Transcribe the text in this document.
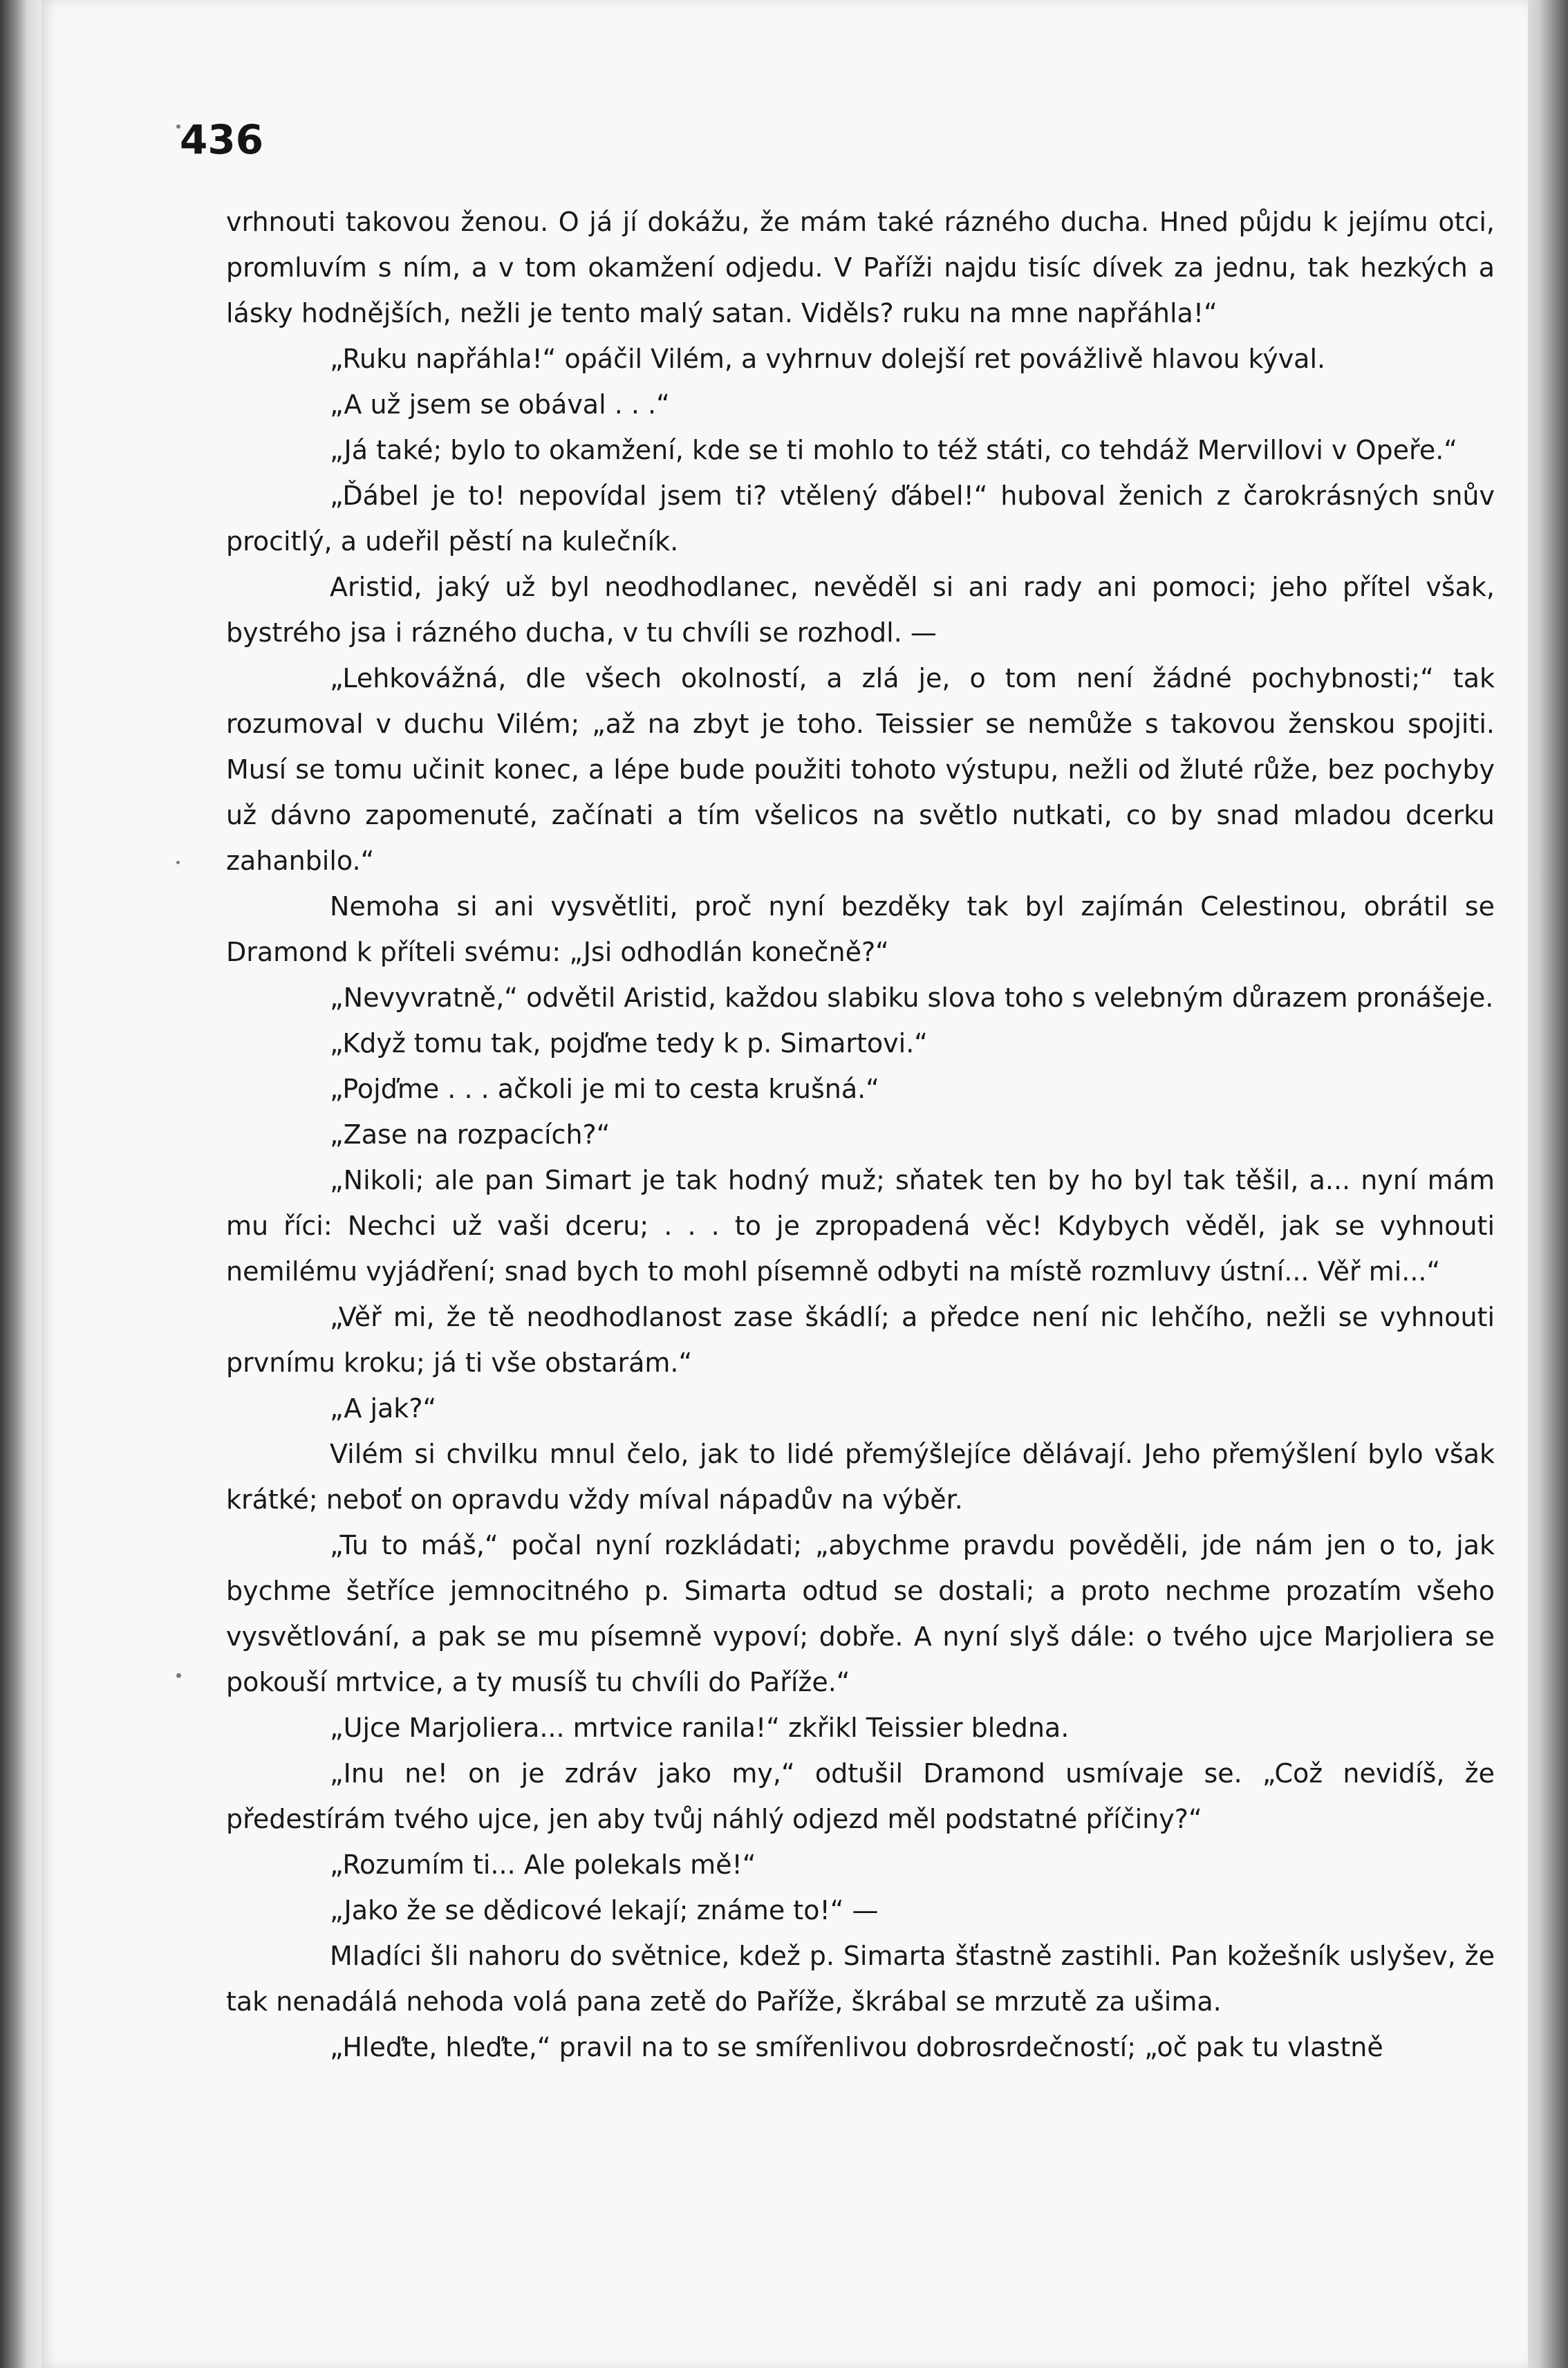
436

vrhnouti takovou ženou. O já jí dokážu, že mám také rázného ducha. Hned půjdu k jejímu otci, promluvím s ním, a v tom okamžení odjedu. V Paříži najdu tisíc dívek za jednu, tak hezkých a lásky hodnějších, nežli je tento malý satan. Viděls? ruku na mne napřáhla!“

„Ruku napřáhla!“ opáčil Vilém, a vyhrnuv dolejší ret povážlivě hlavou kýval.

„A už jsem se obával . . .“

„Já také; bylo to okamžení, kde se ti mohlo to též státi, co tehdáž Mervillovi v Opeře.“

„Ďábel je to! nepovídal jsem ti? vtělený ďábel!“ huboval ženich z čarokrásných snův procitlý, a udeřil pěstí na kulečník.

Aristid, jaký už byl neodhodlanec, nevěděl si ani rady ani pomoci; jeho přítel však, bystrého jsa i rázného ducha, v tu chvíli se rozhodl. —

„Lehkovážná, dle všech okolností, a zlá je, o tom není žádné pochybnosti;“ tak rozumoval v duchu Vilém; „až na zbyt je toho. Teissier se nemůže s takovou ženskou spojiti. Musí se tomu učinit konec, a lépe bude použiti tohoto výstupu, nežli od žluté růže, bez pochyby už dávno zapomenuté, začínati a tím všelicos na světlo nutkati, co by snad mladou dcerku zahanbilo.“

Nemoha si ani vysvětliti, proč nyní bezděky tak byl zajímán Celestinou, obrátil se Dramond k příteli svému: „Jsi odhodlán konečně?“

„Nevyvratně,“ odvětil Aristid, každou slabiku slova toho s velebným důrazem pronášeje.

„Když tomu tak, pojďme tedy k p. Simartovi.“

„Pojďme . . . ačkoli je mi to cesta krušná.“

„Zase na rozpacích?“

„Nikoli; ale pan Simart je tak hodný muž; sňatek ten by ho byl tak těšil, a... nyní mám mu říci: Nechci už vaši dceru; . . . to je zpropadená věc! Kdybych věděl, jak se vyhnouti nemilému vyjádření; snad bych to mohl písemně odbyti na místě rozmluvy ústní... Věř mi...“

„Věř mi, že tě neodhodlanost zase škádlí; a předce není nic lehčího, nežli se vyhnouti prvnímu kroku; já ti vše obstarám.“

„A jak?“

Vilém si chvilku mnul čelo, jak to lidé přemýšlejíce dělávají. Jeho přemýšlení bylo však krátké; neboť on opravdu vždy míval nápadův na výběr.

„Tu to máš,“ počal nyní rozkládati; „abychme pravdu pověděli, jde nám jen o to, jak bychme šetříce jemnocitného p. Simarta odtud se dostali; a proto nechme prozatím všeho vysvětlování, a pak se mu písemně vypoví; dobře. A nyní slyš dále: o tvého ujce Marjoliera se pokouší mrtvice, a ty musíš tu chvíli do Paříže.“

„Ujce Marjoliera... mrtvice ranila!“ zkřikl Teissier bledna.

„Inu ne! on je zdráv jako my,“ odtušil Dramond usmívaje se. „Což nevidíš, že předestírám tvého ujce, jen aby tvůj náhlý odjezd měl podstatné příčiny?“

„Rozumím ti... Ale polekals mě!“

„Jako že se dědicové lekají; známe to!“ —

Mladíci šli nahoru do světnice, kdež p. Simarta šťastně zastihli. Pan kožešník uslyšev, že tak nenadálá nehoda volá pana zetě do Paříže, škrábal se mrzutě za ušima.

„Hleďte, hleďte,“ pravil na to se smířenlivou dobrosrdečností; „oč pak tu vlastně
